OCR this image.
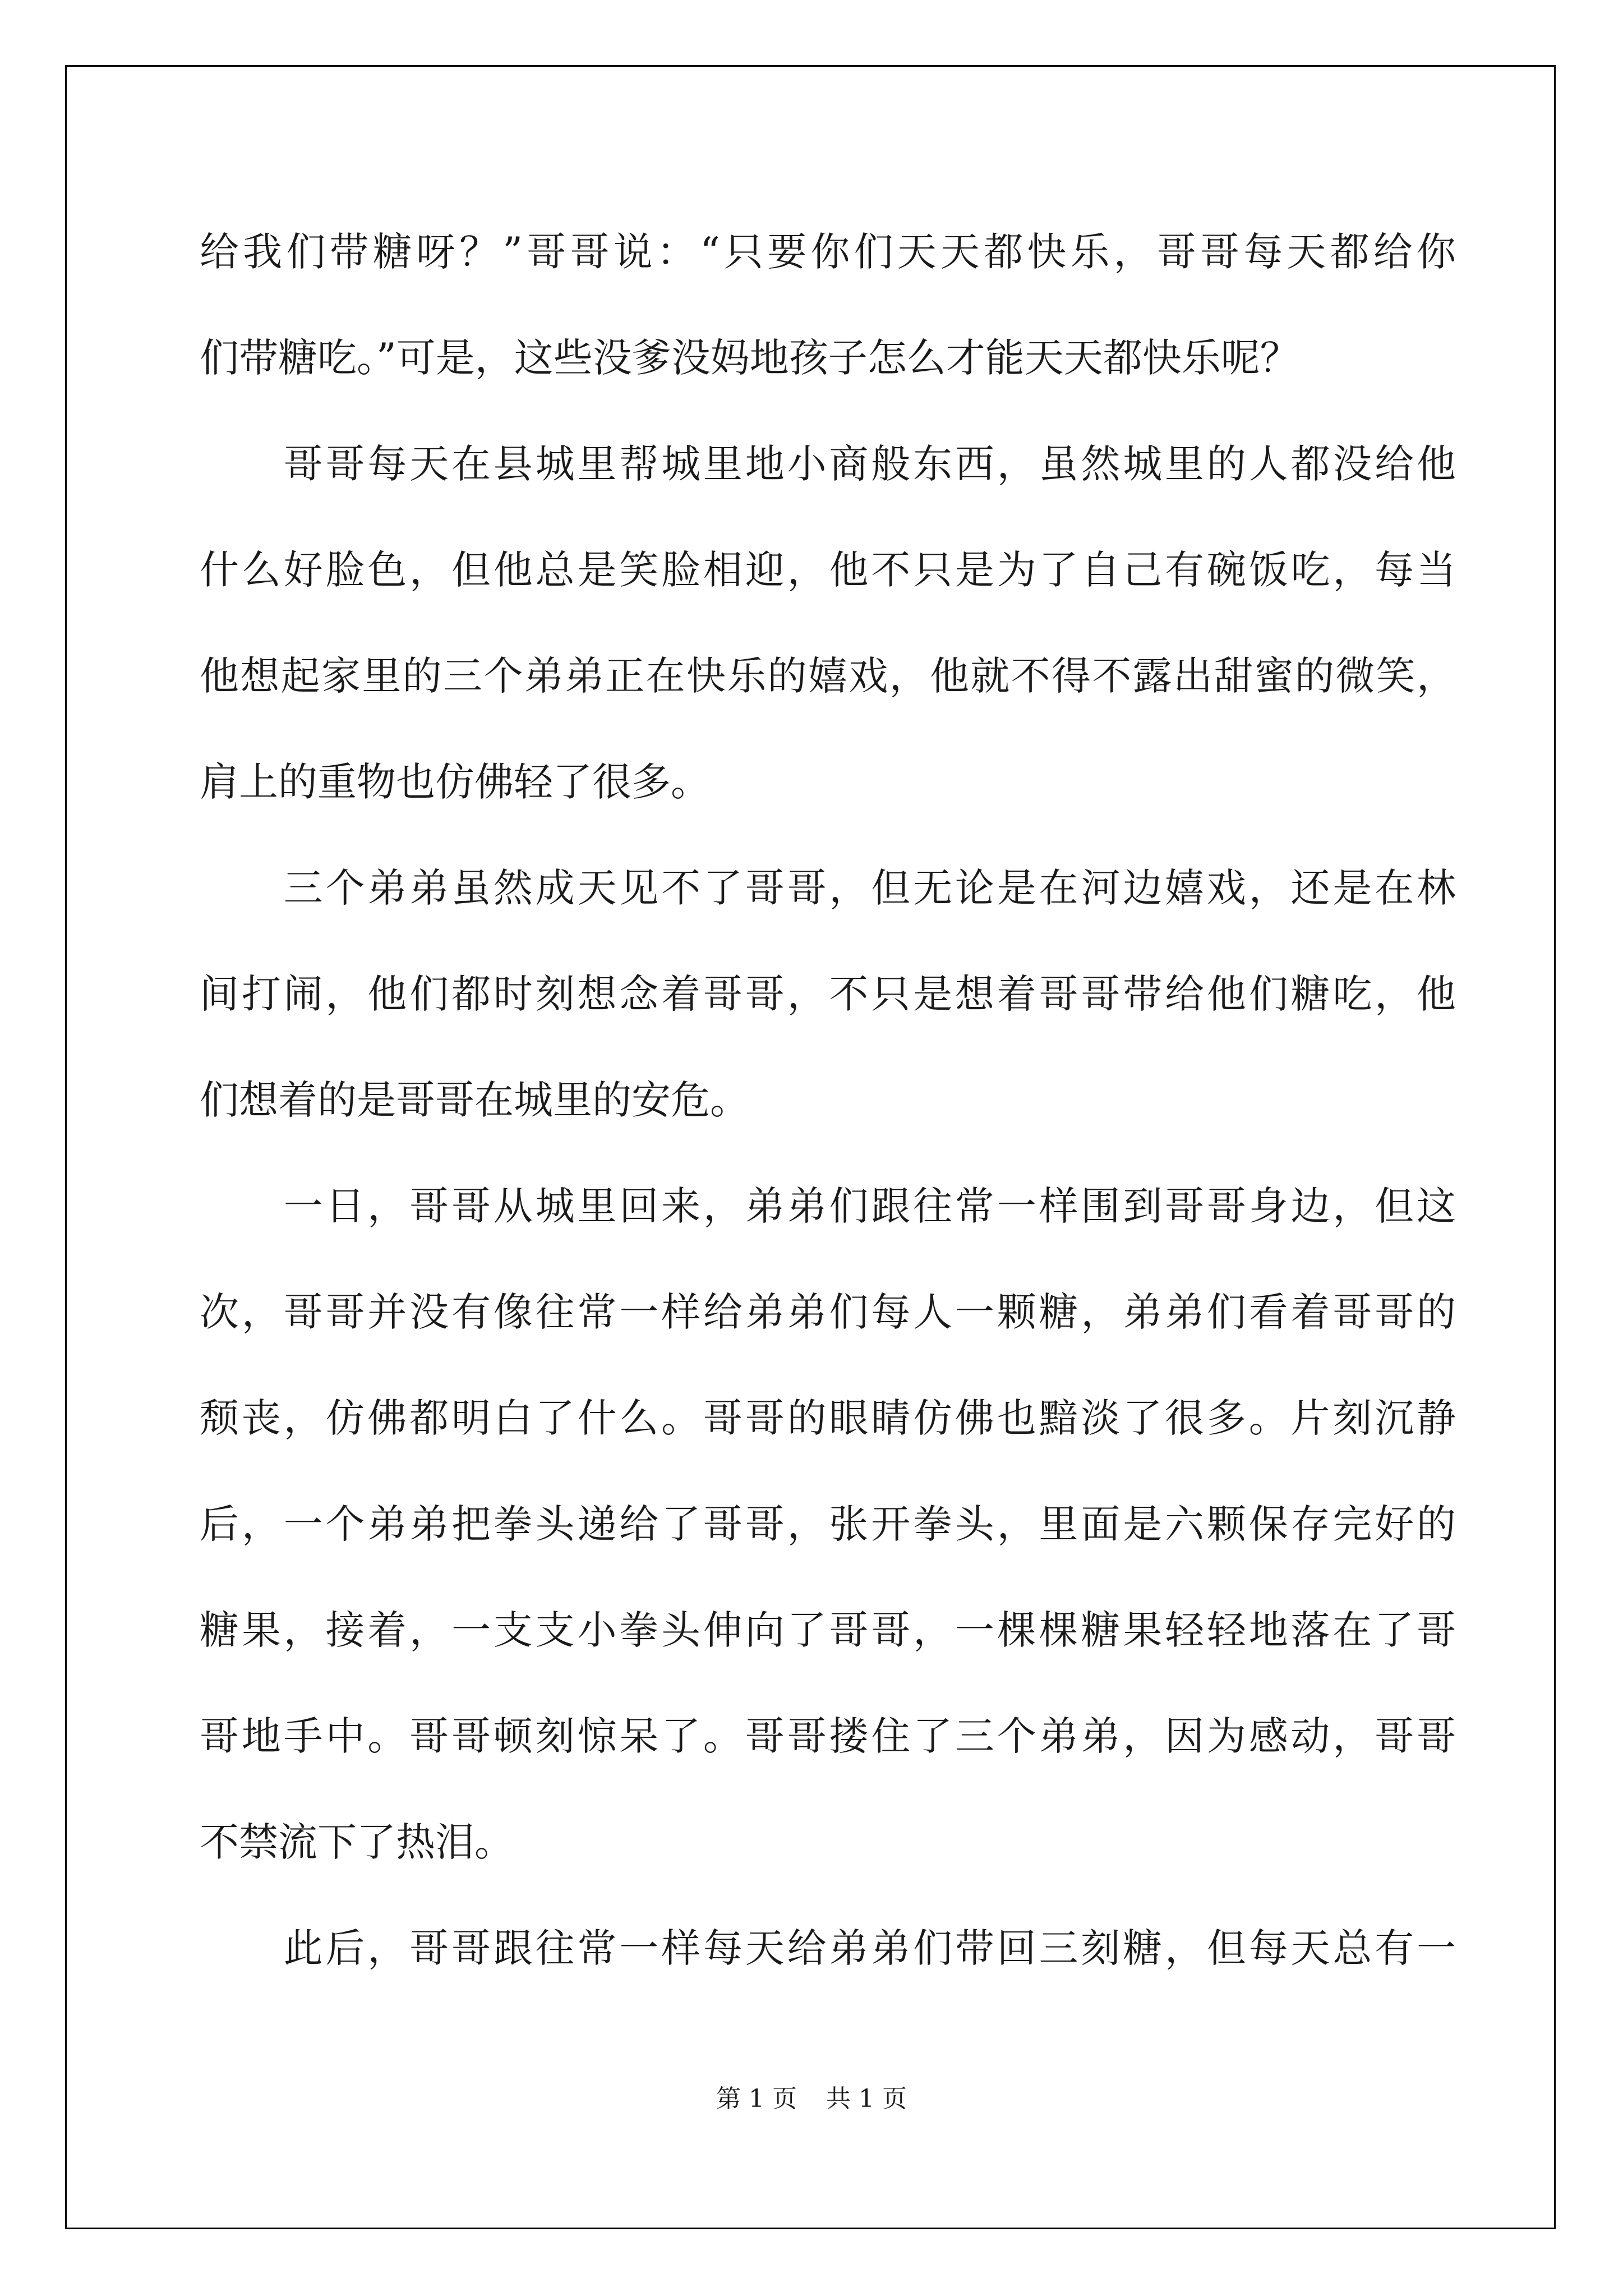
给我们带糖呀？”哥哥说：“只要你们天天都快乐，哥哥每天都给你
们带糖吃。”可是，这些没爹没妈地孩子怎么才能天天都快乐呢？
　　哥哥每天在县城里帮城里地小商般东西，虽然城里的人都没给他
什么好脸色，但他总是笑脸相迎，他不只是为了自己有碗饭吃，每当
他想起家里的三个弟弟正在快乐的嬉戏，他就不得不露出甜蜜的微笑，
肩上的重物也仿佛轻了很多。
　　三个弟弟虽然成天见不了哥哥，但无论是在河边嬉戏，还是在林
间打闹，他们都时刻想念着哥哥，不只是想着哥哥带给他们糖吃，他
们想着的是哥哥在城里的安危。
　　一日，哥哥从城里回来，弟弟们跟往常一样围到哥哥身边，但这
次，哥哥并没有像往常一样给弟弟们每人一颗糖，弟弟们看着哥哥的
颓丧，仿佛都明白了什么。哥哥的眼睛仿佛也黯淡了很多。片刻沉静
后，一个弟弟把拳头递给了哥哥，张开拳头，里面是六颗保存完好的
糖果，接着，一支支小拳头伸向了哥哥，一棵棵糖果轻轻地落在了哥
哥地手中。哥哥顿刻惊呆了。哥哥搂住了三个弟弟，因为感动，哥哥
不禁流下了热泪。
　　此后，哥哥跟往常一样每天给弟弟们带回三刻糖，但每天总有一
第 1 页 共 1 页
